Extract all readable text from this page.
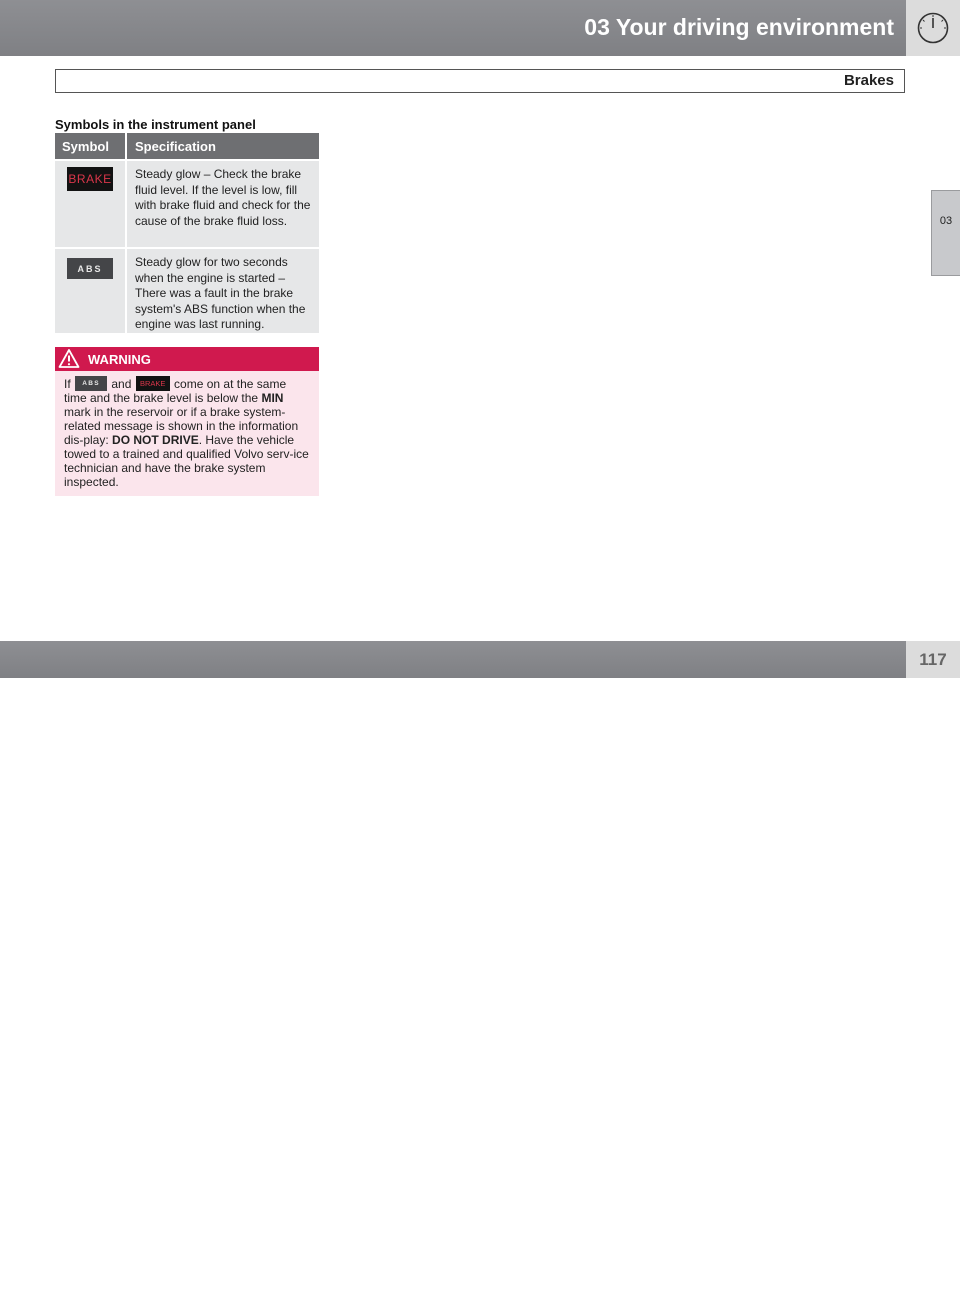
03 Your driving environment
Brakes
03
Symbols in the instrument panel
Symbol	Specification
BRAKE	Steady glow – Check the brake fluid level. If the level is low, fill with brake fluid and check for the cause of the brake fluid loss.
ABS	Steady glow for two seconds when the engine is started – There was a fault in the brake system's ABS function when the engine was last running.
WARNING
If ABS and BRAKE come on at the same time and the brake level is below the MIN mark in the reservoir or if a brake system-related message is shown in the information dis-play: DO NOT DRIVE. Have the vehicle towed to a trained and qualified Volvo serv-ice technician and have the brake system inspected.
carmanualsonline.info
117
